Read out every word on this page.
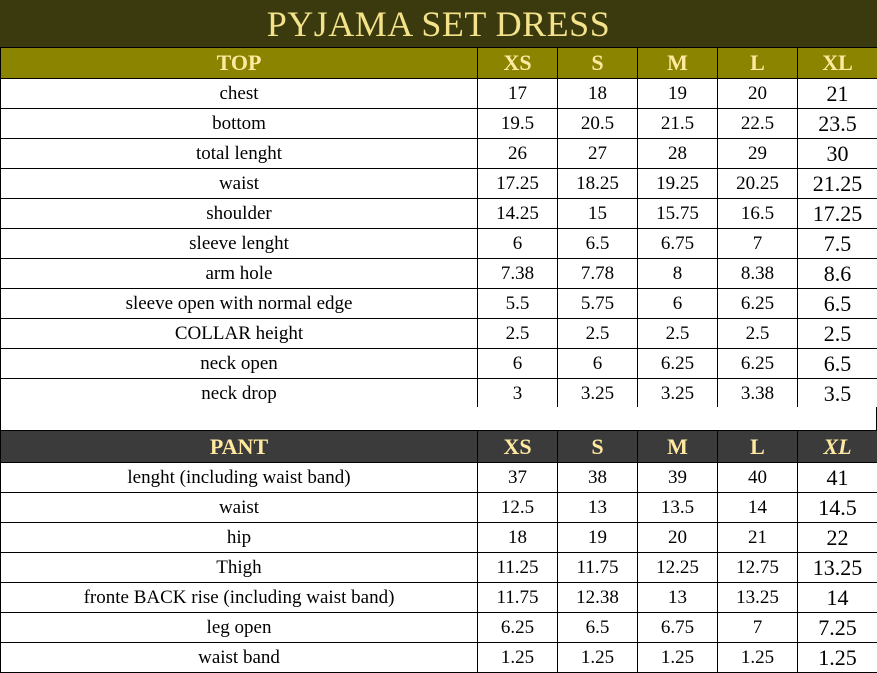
PYJAMA SET DRESS
TOP	XS	S	M	L	XL
chest	17	18	19	20	21
bottom	19.5	20.5	21.5	22.5	23.5
total lenght	26	27	28	29	30
waist	17.25	18.25	19.25	20.25	21.25
shoulder	14.25	15	15.75	16.5	17.25
sleeve lenght	6	6.5	6.75	7	7.5
arm hole	7.38	7.78	8	8.38	8.6
sleeve open with normal edge	5.5	5.75	6	6.25	6.5
COLLAR height	2.5	2.5	2.5	2.5	2.5
neck open	6	6	6.25	6.25	6.5
neck drop	3	3.25	3.25	3.38	3.5
PANT	XS	S	M	L	XL
lenght (including waist band)	37	38	39	40	41
waist	12.5	13	13.5	14	14.5
hip	18	19	20	21	22
Thigh	11.25	11.75	12.25	12.75	13.25
fronte BACK rise (including waist band)	11.75	12.38	13	13.25	14
leg open	6.25	6.5	6.75	7	7.25
waist band	1.25	1.25	1.25	1.25	1.25
